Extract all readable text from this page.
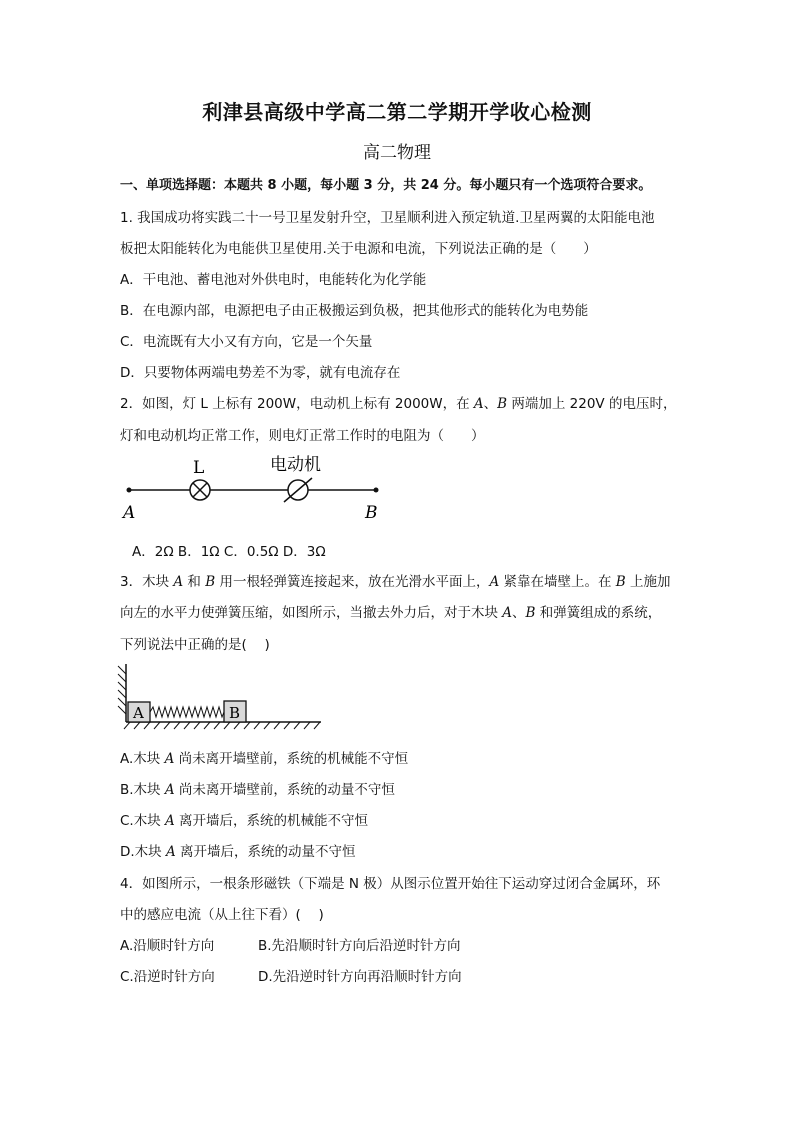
利津县高级中学高二第二学期开学收心检测
高二物理
一、单项选择题：本题共 8 小题，每小题 3 分，共 24 分。每小题只有一个选项符合要求。
1. 我国成功将实践二十一号卫星发射升空，卫星顺利进入预定轨道.卫星两翼的太阳能电池
板把太阳能转化为电能供卫星使用.关于电源和电流，下列说法正确的是（　　）
A．干电池、蓄电池对外供电时，电能转化为化学能
B．在电源内部，电源把电子由正极搬运到负极，把其他形式的能转化为电势能
C．电流既有大小又有方向，它是一个矢量
D．只要物体两端电势差不为零，就有电流存在
2．如图，灯 L 上标有 200W，电动机上标有 2000W，在 A、B 两端加上 220V 的电压时，
灯和电动机均正常工作，则电灯正常工作时的电阻为（　　）
L	电动机
A	B
A．2Ω B．1Ω C．0.5Ω D．3Ω
3．木块 A 和 B 用一根轻弹簧连接起来，放在光滑水平面上，A 紧靠在墙壁上。在 B 上施加
向左的水平力使弹簧压缩，如图所示，当撤去外力后，对于木块 A、B 和弹簧组成的系统，
下列说法中正确的是(　 )
A	B
A.木块 A 尚未离开墙壁前，系统的机械能不守恒
B.木块 A 尚未离开墙壁前，系统的动量不守恒
C.木块 A 离开墙后，系统的机械能不守恒
D.木块 A 离开墙后，系统的动量不守恒
4．如图所示，一根条形磁铁（下端是 N 极）从图示位置开始往下运动穿过闭合金属环，环
中的感应电流（从上往下看）(　 )
A.沿顺时针方向	B.先沿顺时针方向后沿逆时针方向
C.沿逆时针方向	D.先沿逆时针方向再沿顺时针方向
